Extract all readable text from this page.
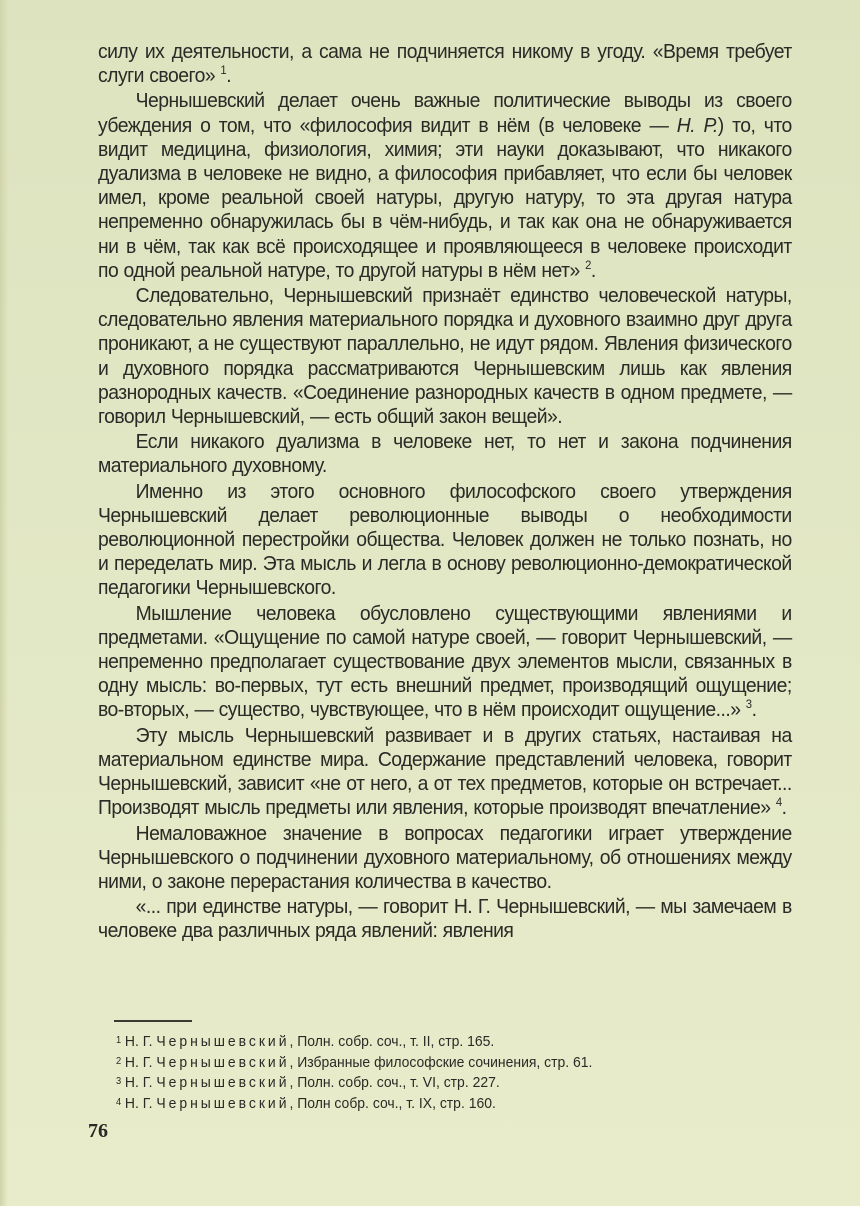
силу их деятельности, а сама не подчиняется никому в угоду. «Время требует слуги своего» $^1$.

Чернышевский делает очень важные политические выводы из своего убеждения о том, что «философия видит в нём (в человеке — Н. Р.) то, что видит медицина, физиология, химия; эти науки доказывают, что никакого дуализма в человеке не видно, а философия прибавляет, что если бы человек имел, кроме реальной своей натуры, другую натуру, то эта другая натура непременно обнаружилась бы в чём-нибудь, и так как она не обнаруживается ни в чём, так как всё происходящее и проявляющееся в человеке происходит по одной реальной натуре, то другой натуры в нём нет» $^2$.

Следовательно, Чернышевский признаёт единство человеческой натуры, следовательно явления материального порядка и духовного взаимно друг друга проникают, а не существуют параллельно, не идут рядом. Явления физического и духовного порядка рассматриваются Чернышевским лишь как явления разнородных качеств. «Соединение разнородных качеств в одном предмете, — говорил Чернышевский, — есть общий закон вещей».

Если никакого дуализма в человеке нет, то нет и закона подчинения материального духовному.

Именно из этого основного философского своего утверждения Чернышевский делает революционные выводы о необходимости революционной перестройки общества. Человек должен не только познать, но и переделать мир. Эта мысль и легла в основу революционно-демократической педагогики Чернышевского.

Мышление человека обусловлено существующими явлениями и предметами. «Ощущение по самой натуре своей, — говорит Чернышевский, — непременно предполагает существование двух элементов мысли, связанных в одну мысль: во-первых, тут есть внешний предмет, производящий ощущение; во-вторых, — существо, чувствующее, что в нём происходит ощущение...» $^3$.

Эту мысль Чернышевский развивает и в других статьях, настаивая на материальном единстве мира. Содержание представлений человека, говорит Чернышевский, зависит «не от него, а от тех предметов, которые он встречает... Производят мысль предметы или явления, которые производят впечатление» $^4$.

Немаловажное значение в вопросах педагогики играет утверждение Чернышевского о подчинении духовного материальному, об отношениях между ними, о законе перерастания количества в качество.

«... при единстве натуры, — говорит Н. Г. Чернышевский, — мы замечаем в человеке два различных ряда явлений: явления

$^1$ Н. Г. Чернышевский, Полн. собр. соч., т. II, стр. 165.
$^2$ Н. Г. Чернышевский, Избранные философские сочинения, стр. 61.
$^3$ Н. Г. Чернышевский, Полн. собр. соч., т. VI, стр. 227.
$^4$ Н. Г. Чернышевский, Полн собр. соч., т. IX, стр. 160.
76
